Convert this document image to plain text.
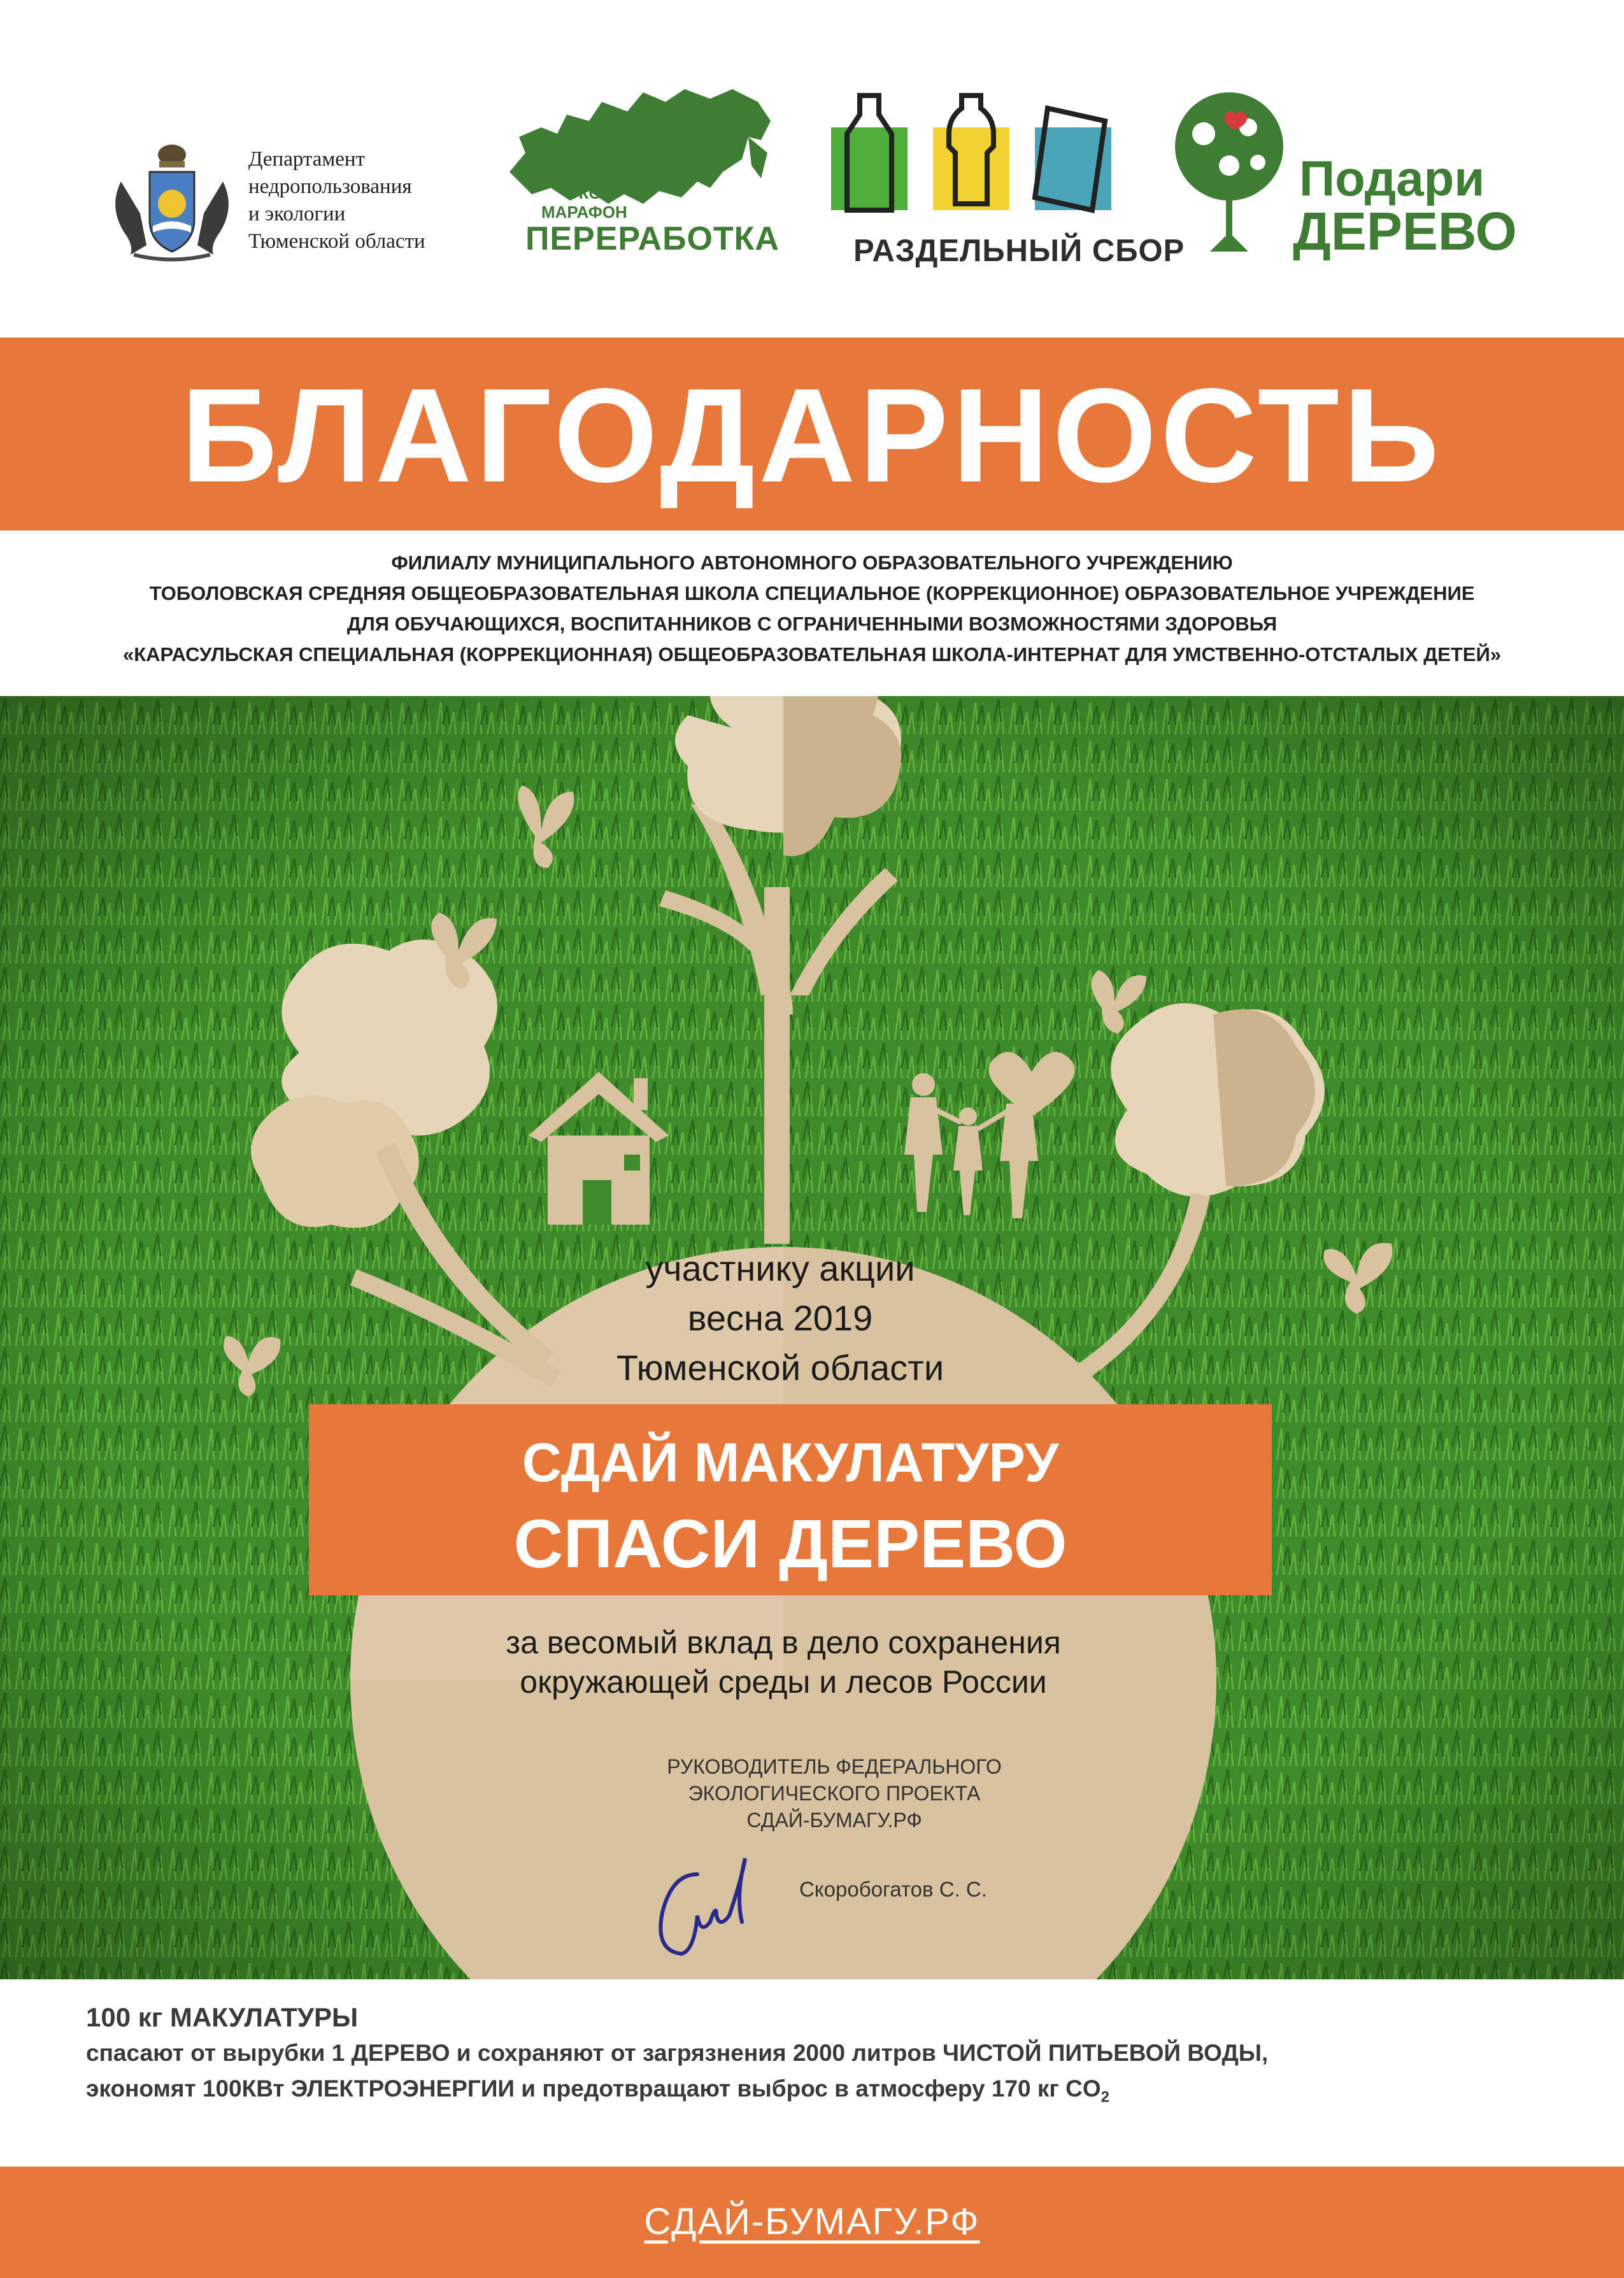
Департамент
недропользования
и экологии
Тюменской области
ЭКО
МАРАФОН
ПЕРЕРАБОТКА РАЗДЕЛЬНЫЙ СБОР
Подари
ДЕРЕВО
БЛАГОДАРНОСТЬ
ФИЛИАЛУ МУНИЦИПАЛЬНОГО АВТОНОМНОГО ОБРАЗОВАТЕЛЬНОГО УЧРЕЖДЕНИЮ
ТОБОЛОВСКАЯ СРЕДНЯЯ ОБЩЕОБРАЗОВАТЕЛЬНАЯ ШКОЛА СПЕЦИАЛЬНОЕ (КОРРЕКЦИОННОЕ) ОБРАЗОВАТЕЛЬНОЕ УЧРЕЖДЕНИЕ
ДЛЯ ОБУЧАЮЩИХСЯ, ВОСПИТАННИКОВ С ОГРАНИЧЕННЫМИ ВОЗМОЖНОСТЯМИ ЗДОРОВЬЯ
«КАРАСУЛЬСКАЯ СПЕЦИАЛЬНАЯ (КОРРЕКЦИОННАЯ) ОБЩЕОБРАЗОВАТЕЛЬНАЯ ШКОЛА-ИНТЕРНАТ ДЛЯ УМСТВЕННО-ОТСТАЛЫХ ДЕТЕЙ»
участнику акции
весна 2019
Тюменской области
СДАЙ МАКУЛАТУРУ
СПАСИ ДЕРЕВО
за весомый вклад в дело сохранения
окружающей среды и лесов России
РУКОВОДИТЕЛЬ ФЕДЕРАЛЬНОГО
ЭКОЛОГИЧЕСКОГО ПРОЕКТА
СДАЙ-БУМАГУ.РФ
Скоробогатов С. С.
100 кг МАКУЛАТУРЫ
спасают от вырубки 1 ДЕРЕВО и сохраняют от загрязнения 2000 литров ЧИСТОЙ ПИТЬЕВОЙ ВОДЫ,
экономят 100КВт ЭЛЕКТРОЭНЕРГИИ и предотвращают выброс в атмосферу 170 кг $CO_2$
СДАЙ-БУМАГУ.РФ
